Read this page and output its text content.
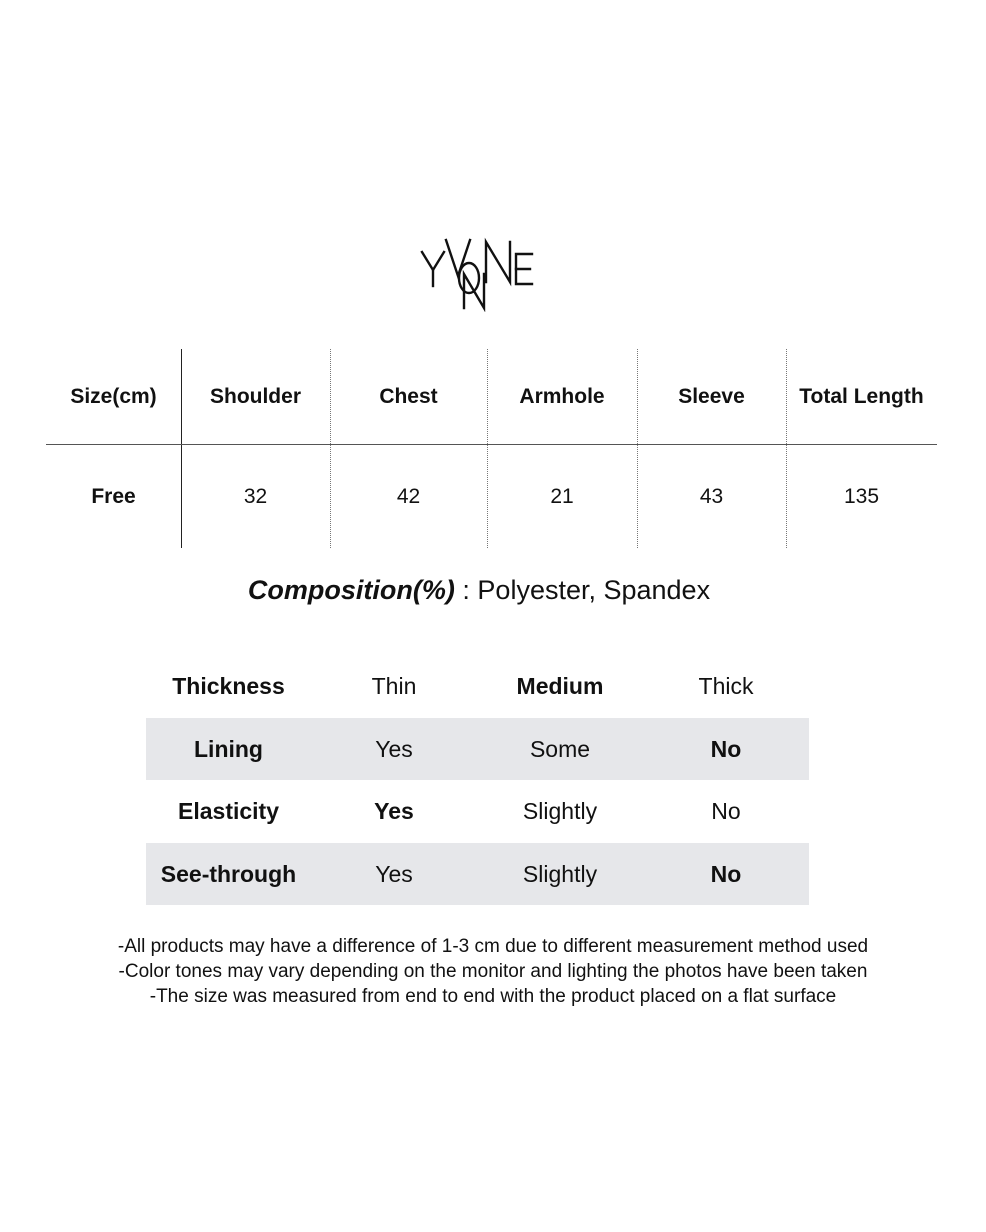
Size(cm)	Shoulder	Chest	Armhole	Sleeve	Total Length
Free	32	42	21	43	135
Composition(%) : Polyester, Spandex
Thickness	Thin	Medium	Thick
Lining	Yes	Some	No
Elasticity	Yes	Slightly	No
See-through	Yes	Slightly	No
-All products may have a difference of 1-3 cm due to different measurement method used
-Color tones may vary depending on the monitor and lighting the photos have been taken
-The size was measured from end to end with the product placed on a flat surface
